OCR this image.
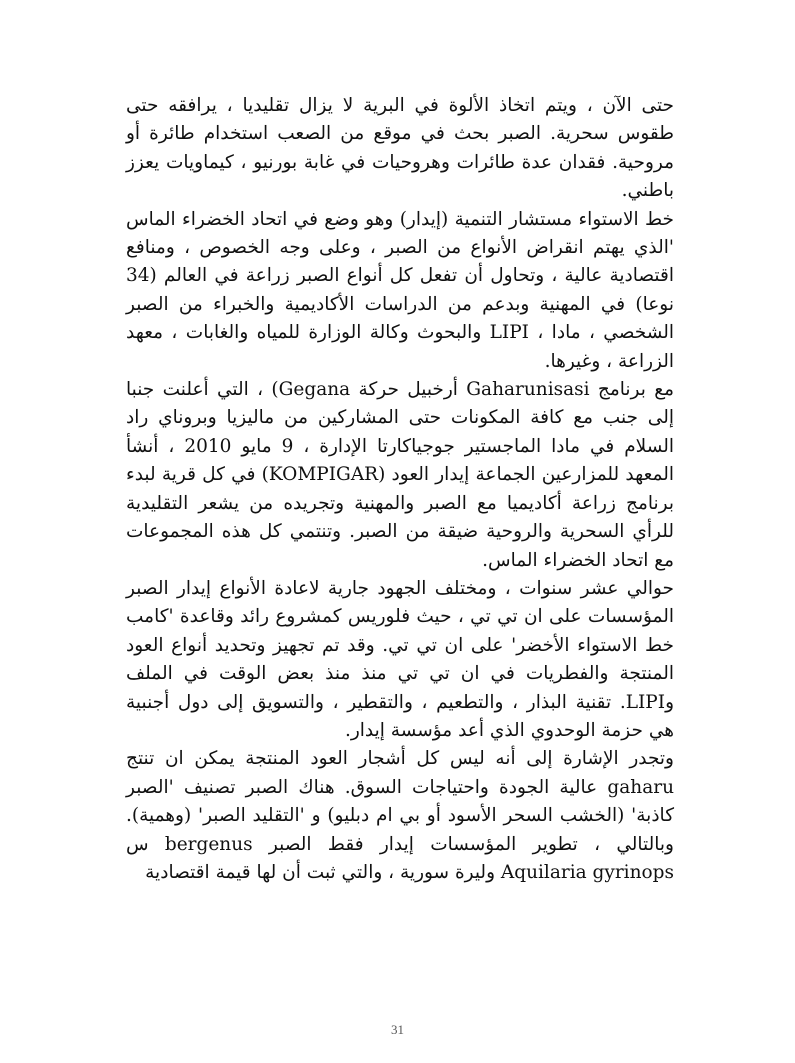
حتى الآن ، ويتم اتخاذ الألوة في البرية لا يزال تقليديا ، يرافقه حتى طقوس سحرية. الصبر بحث في موقع من الصعب استخدام طائرة أو مروحية. فقدان عدة طائرات وهروحيات في غابة بورنيو ، كيماويات يعزز باطني.

خط الاستواء مستشار التنمية (إيدار) وهو وضع في اتحاد الخضراء الماس 'الذي يهتم انقراض الأنواع من الصبر ، وعلى وجه الخصوص ، ومنافع اقتصادية عالية ، وتحاول أن تفعل كل أنواع الصبر زراعة في العالم (34 نوعا) في المهنية وبدعم من الدراسات الأكاديمية والخبراء من الصبر الشخصي ، مادا ، LIPI والبحوث وكالة الوزارة للمياه والغابات ، معهد الزراعة ، وغيرها.

مع برنامج Gaharunisasi أرخبيل حركة Gegana) ، التي أعلنت جنبا إلى جنب مع كافة المكونات حتى المشاركين من ماليزيا وبروناي راد السلام في مادا الماجستير جوجياكارتا الإدارة ، 9 مايو 2010 ، أنشأ المعهد للمزارعين الجماعة إيدار العود (KOMPIGAR) في كل قرية لبدء برنامج زراعة أكاديميا مع الصبر والمهنية وتجريده من يشعر التقليدية للرأي السحرية والروحية ضيقة من الصبر. وتنتمي كل هذه المجموعات مع اتحاد الخضراء الماس.

حوالي عشر سنوات ، ومختلف الجهود جارية لاعادة الأنواع إيدار الصبر المؤسسات على ان تي تي ، حيث فلوريس كمشروع رائد وقاعدة 'كامب خط الاستواء الأخضر' على ان تي تي. وقد تم تجهيز وتحديد أنواع العود المنتجة والفطريات في ان تي تي منذ منذ بعض الوقت في الملف وLIPI. تقنية البذار ، والتطعيم ، والتقطير ، والتسويق إلى دول أجنبية هي حزمة الوحدوي الذي أعد مؤسسة إيدار.

وتجدر الإشارة إلى أنه ليس كل أشجار العود المنتجة يمكن ان تنتج gaharu عالية الجودة واحتياجات السوق. هناك الصبر تصنيف 'الصبر كاذبة' (الخشب السحر الأسود أو بي ام دبليو) و 'التقليد الصبر' (وهمية). وبالتالي ، تطوير المؤسسات إيدار فقط الصبر bergenus س Aquilaria gyrinops وليرة سورية ، والتي ثبت أن لها قيمة اقتصادية

31
